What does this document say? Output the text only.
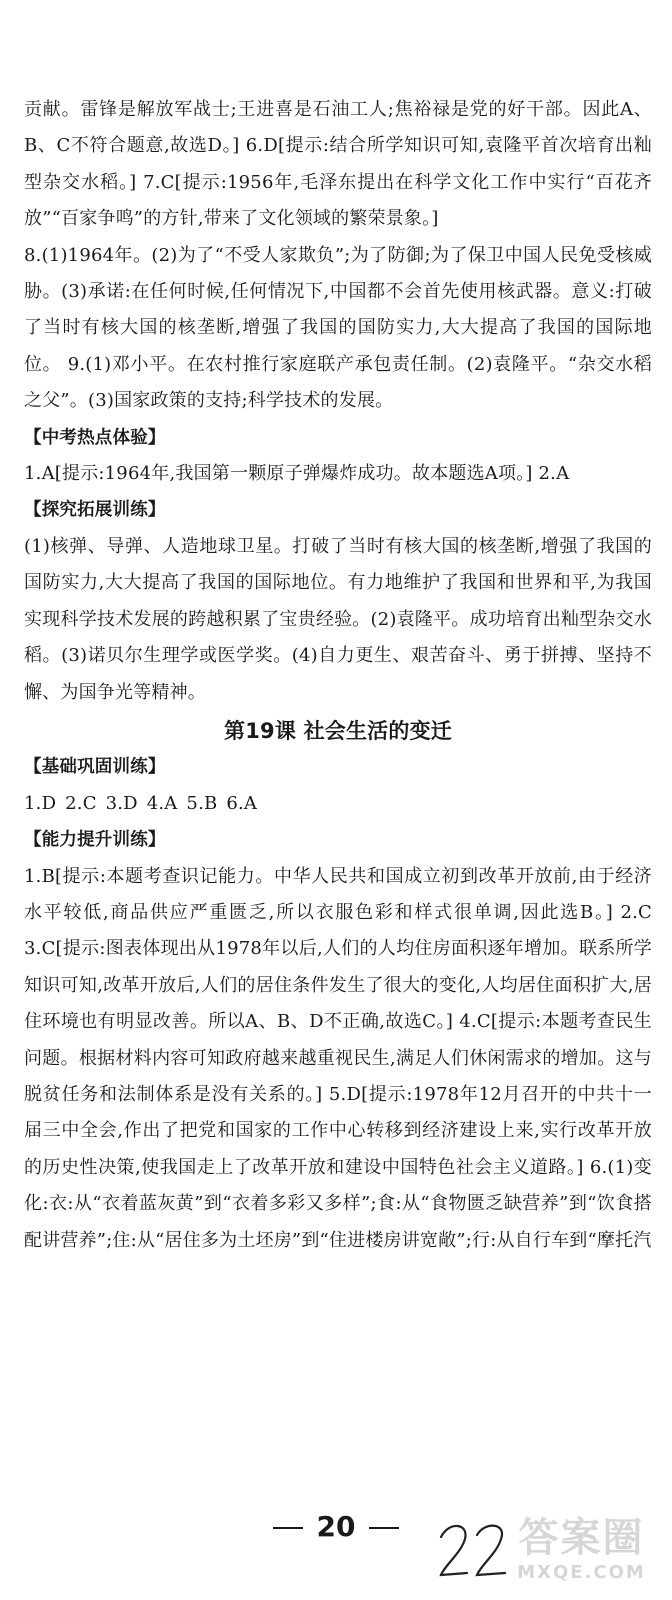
贡献。雷锋是解放军战士;王进喜是石油工人;焦裕禄是党的好干部。因此A、B、C不符合题意,故选D。] 6.D[提示:结合所学知识可知,袁隆平首次培育出籼型杂交水稻。] 7.C[提示:1956年,毛泽东提出在科学文化工作中实行“百花齐放”“百家争鸣”的方针,带来了文化领域的繁荣景象。]

8.(1)1964年。(2)为了“不受人家欺负”;为了防御;为了保卫中国人民免受核威胁。(3)承诺:在任何时候,任何情况下,中国都不会首先使用核武器。意义:打破了当时有核大国的核垄断,增强了我国的国防实力,大大提高了我国的国际地位。 9.(1)邓小平。在农村推行家庭联产承包责任制。(2)袁隆平。“杂交水稻之父”。(3)国家政策的支持;科学技术的发展。

【中考热点体验】

1.A[提示:1964年,我国第一颗原子弹爆炸成功。故本题选A项。] 2.A

【探究拓展训练】

(1)核弹、导弹、人造地球卫星。打破了当时有核大国的核垄断,增强了我国的国防实力,大大提高了我国的国际地位。有力地维护了我国和世界和平,为我国实现科学技术发展的跨越积累了宝贵经验。(2)袁隆平。成功培育出籼型杂交水稻。(3)诺贝尔生理学或医学奖。(4)自力更生、艰苦奋斗、勇于拼搏、坚持不懈、为国争光等精神。

第19课 社会生活的变迁

【基础巩固训练】

1.D 2.C 3.D 4.A 5.B 6.A

【能力提升训练】

1.B[提示:本题考查识记能力。中华人民共和国成立初到改革开放前,由于经济水平较低,商品供应严重匮乏,所以衣服色彩和样式很单调,因此选B。] 2.C 3.C[提示:图表体现出从1978年以后,人们的人均住房面积逐年增加。联系所学知识可知,改革开放后,人们的居住条件发生了很大的变化,人均居住面积扩大,居住环境也有明显改善。所以A、B、D不正确,故选C。] 4.C[提示:本题考查民生问题。根据材料内容可知政府越来越重视民生,满足人们休闲需求的增加。这与脱贫任务和法制体系是没有关系的。] 5.D[提示:1978年12月召开的中共十一届三中全会,作出了把党和国家的工作中心转移到经济建设上来,实行改革开放的历史性决策,使我国走上了改革开放和建设中国特色社会主义道路。] 6.(1)变化:衣:从“衣着蓝灰黄”到“衣着多彩又多样”;食:从“食物匮乏缺营养”到“饮食搭配讲营养”;住:从“居住多为土坯房”到“住进楼房讲宽敞”;行:从自行车到“摩托汽

20	答案圈
MXQE.COM
